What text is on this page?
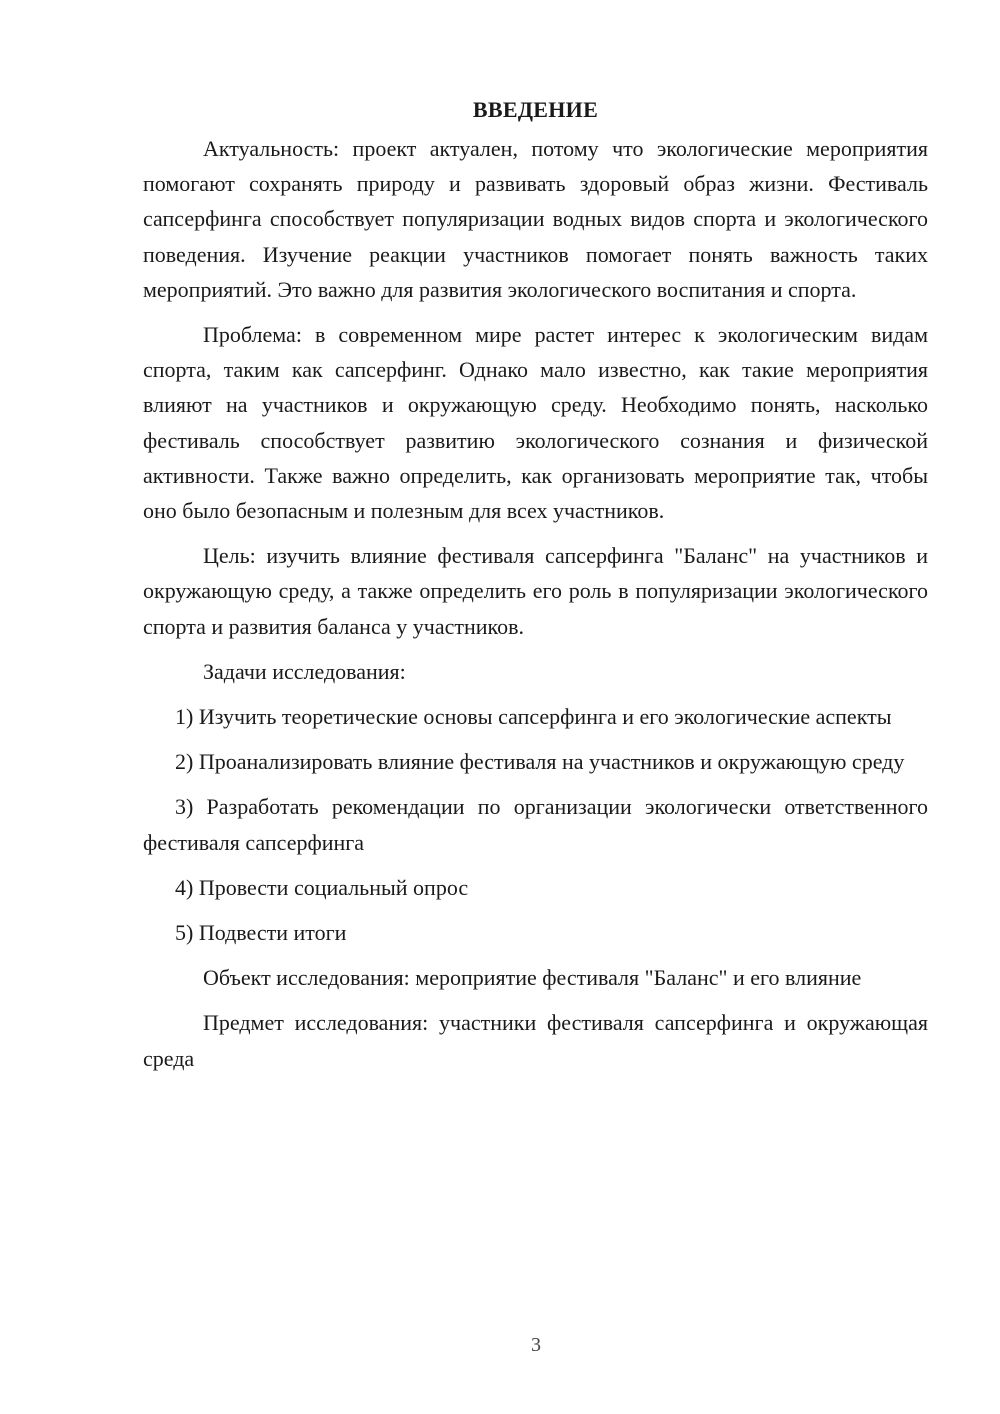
ВВЕДЕНИЕ

Актуальность: проект актуален, потому что экологические мероприятия помогают сохранять природу и развивать здоровый образ жизни. Фестиваль сапсерфинга способствует популяризации водных видов спорта и экологического поведения. Изучение реакции участников помогает понять важность таких мероприятий. Это важно для развития экологического воспитания и спорта.

Проблема: в современном мире растет интерес к экологическим видам спорта, таким как сапсерфинг. Однако мало известно, как такие мероприятия влияют на участников и окружающую среду. Необходимо понять, насколько фестиваль способствует развитию экологического сознания и физической активности. Также важно определить, как организовать мероприятие так, чтобы оно было безопасным и полезным для всех участников.

Цель: изучить влияние фестиваля сапсерфинга "Баланс" на участников и окружающую среду, а также определить его роль в популяризации экологического спорта и развития баланса у участников.

Задачи исследования:

1) Изучить теоретические основы сапсерфинга и его экологические аспекты

2) Проанализировать влияние фестиваля на участников и окружающую среду

3) Разработать рекомендации по организации экологически ответственного фестиваля сапсерфинга

4) Провести социальный опрос

5) Подвести итоги

Объект исследования: мероприятие фестиваля "Баланс" и его влияние

Предмет исследования: участники фестиваля сапсерфинга и окружающая среда

3
